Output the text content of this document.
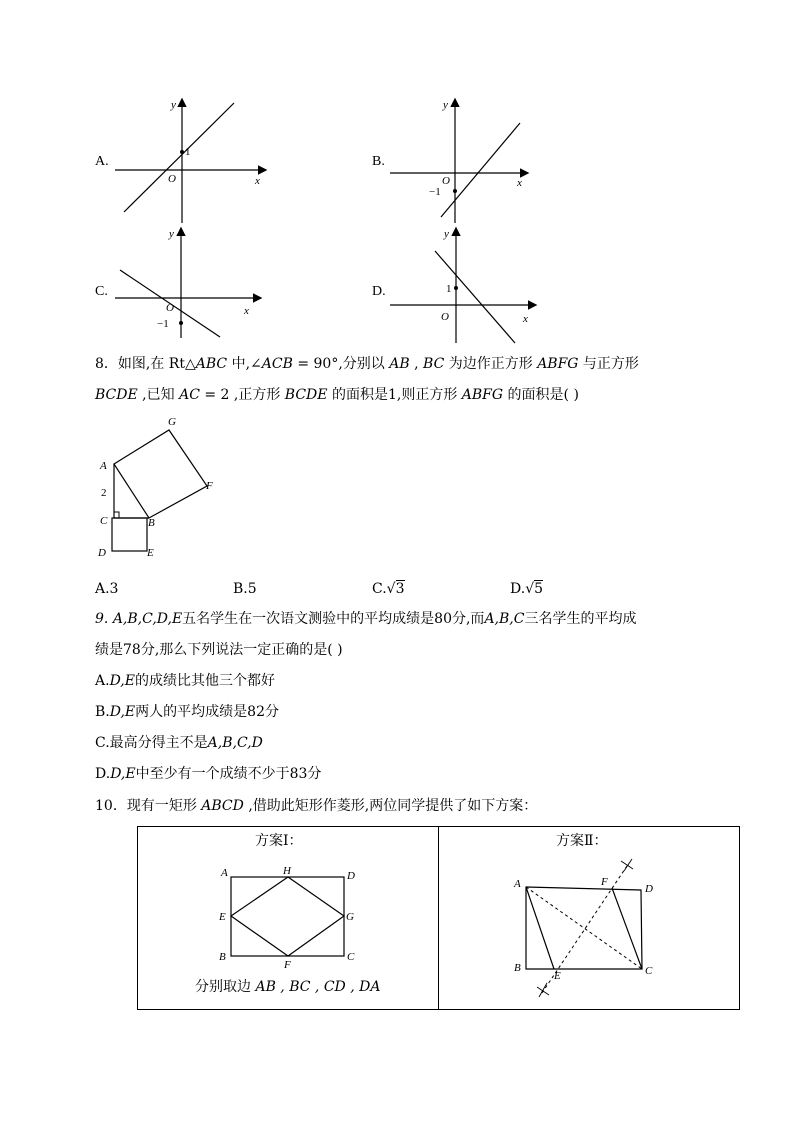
A.
1
O	x
y
B.
−1
O	x
y
C.
−1
O	x
y
D.	1
O	x
y
8．如图,在 Rt△ABC 中,∠ACB = 90°,分别以 AB , BC 为边作正方形 ABFG 与正方形
BCDE ,已知 AC = 2 ,正方形 BCDE 的面积是1,则正方形 ABFG 的面积是( )
A
G
F
C	B
D	E
2
A.3	B.5	C.√3	D.√5
9. A,B,C,D,E五名学生在一次语文测验中的平均成绩是80分,而A,B,C三名学生的平均成
绩是78分,那么下列说法一定正确的是( )
A.D,E的成绩比其他三个都好
B.D,E两人的平均成绩是82分
C.最高分得主不是A,B,C,D
D.D,E中至少有一个成绩不少于83分
10．现有一矩形 ABCD ,借助此矩形作菱形,两位同学提供了如下方案：
方案Ⅰ：
A	H	D
E	G
B
F
C
分别取边 AB , BC , CD , DA
方案Ⅱ：
A	F
D
B
E	C
